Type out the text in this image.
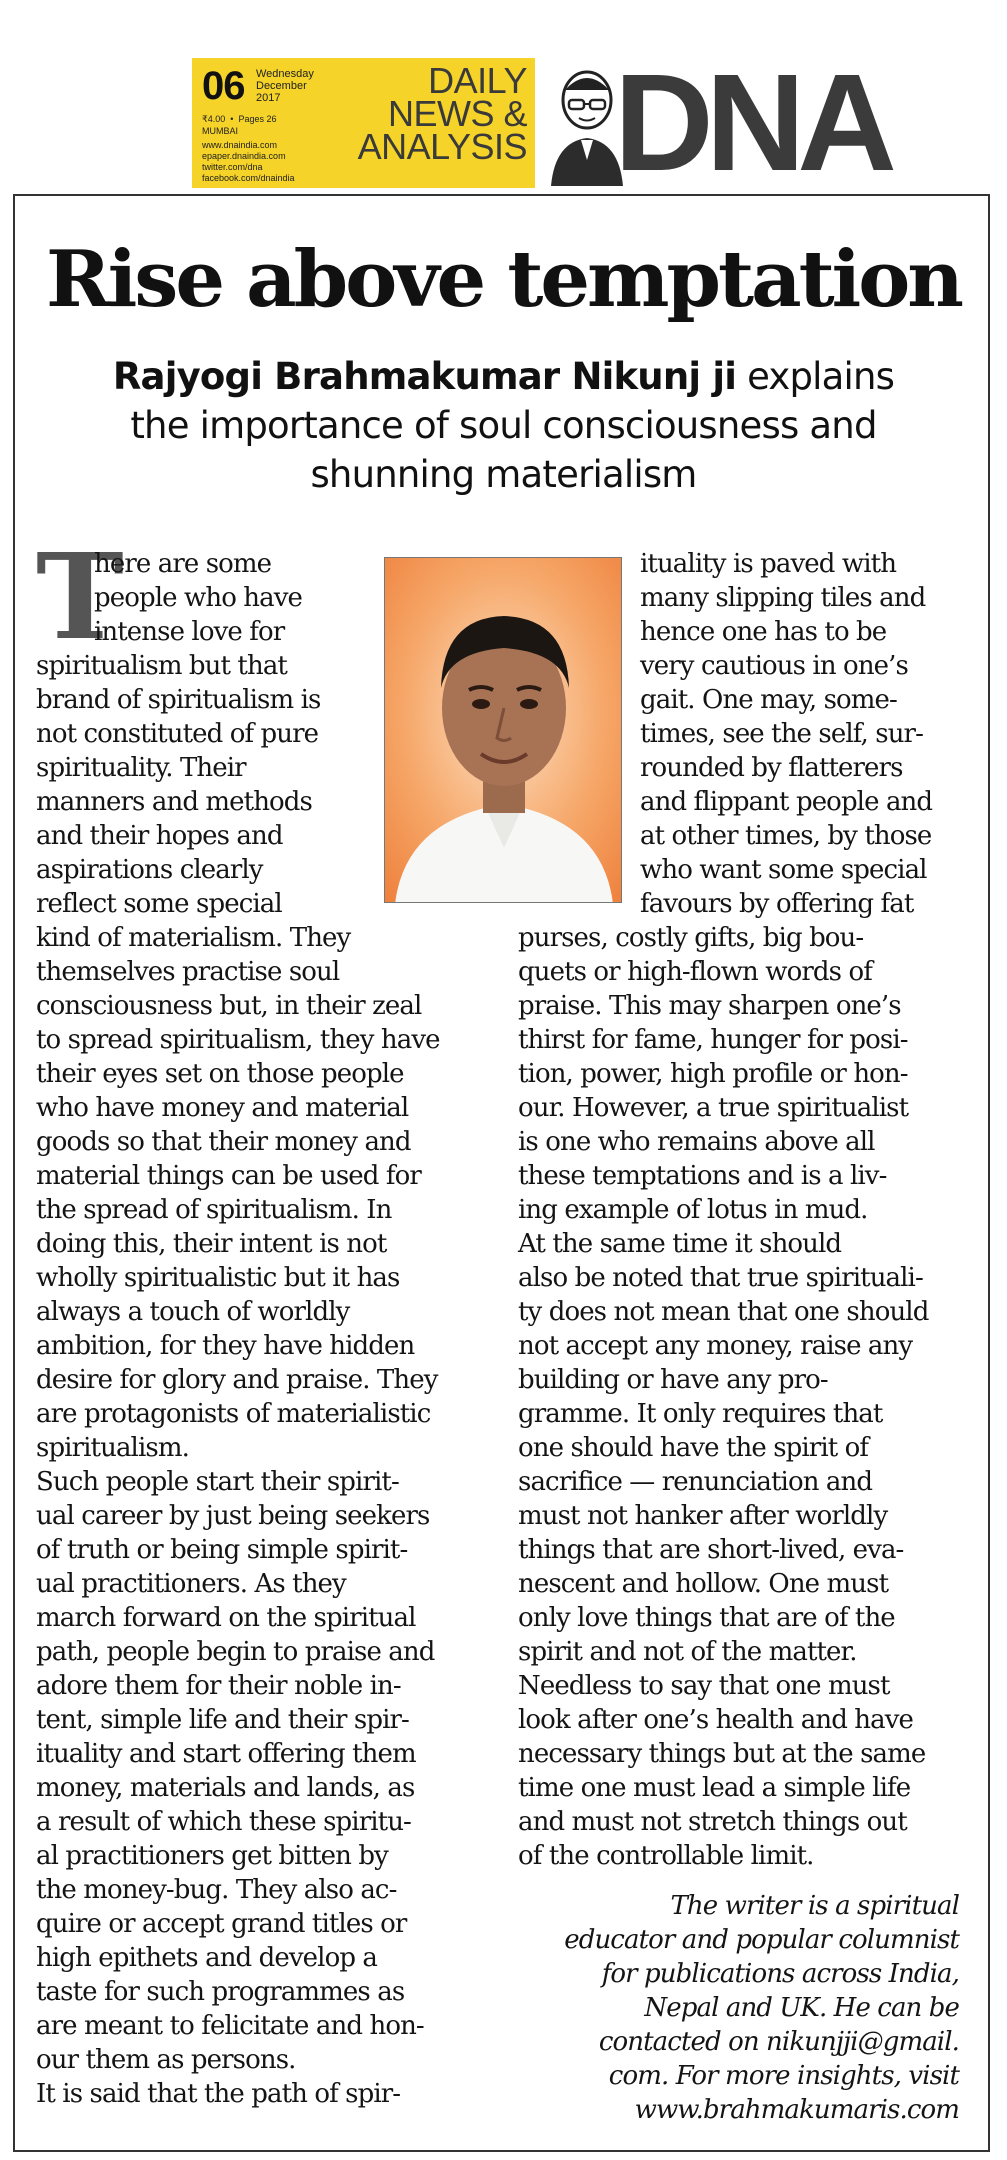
06 Wednesday
December
2017
₹4.00 • Pages 26
MUMBAI
www.dnaindia.com
epaper.dnaindia.com
twitter.com/dna
facebook.com/dnaindia
DAILY
NEWS &
ANALYSIS DNA
Rise above temptation
Rajyogi Brahmakumar Nikunj ji explains
the importance of soul consciousness and
shunning materialism
T

here are some

people who have

intense love for

spiritualism but that

brand of spiritualism is

not constituted of pure

spirituality. Their

manners and methods

and their hopes and

aspirations clearly

reflect some special

kind of materialism. They

themselves practise soul

consciousness but, in their zeal

to spread spiritualism, they have

their eyes set on those people

who have money and material

goods so that their money and

material things can be used for

the spread of spiritualism. In

doing this, their intent is not

wholly spiritualistic but it has

always a touch of worldly

ambition, for they have hidden

desire for glory and praise. They

are protagonists of materialistic

spiritualism.

Such people start their spirit-

ual career by just being seekers

of truth or being simple spirit-

ual practitioners. As they

march forward on the spiritual

path, people begin to praise and

adore them for their noble in-

tent, simple life and their spir-

ituality and start offering them

money, materials and lands, as

a result of which these spiritu-

al practitioners get bitten by

the money-bug. They also ac-

quire or accept grand titles or

high epithets and develop a

taste for such programmes as

are meant to felicitate and hon-

our them as persons.

It is said that the path of spir-

ituality is paved with

many slipping tiles and

hence one has to be

very cautious in one’s

gait. One may, some-

times, see the self, sur-

rounded by flatterers

and flippant people and

at other times, by those

who want some special

favours by offering fat

purses, costly gifts, big bou-

quets or high-flown words of

praise. This may sharpen one’s

thirst for fame, hunger for posi-

tion, power, high profile or hon-

our. However, a true spiritualist

is one who remains above all

these temptations and is a liv-

ing example of lotus in mud.

At the same time it should

also be noted that true spirituali-

ty does not mean that one should

not accept any money, raise any

building or have any pro-

gramme. It only requires that

one should have the spirit of

sacrifice — renunciation and

must not hanker after worldly

things that are short-lived, eva-

nescent and hollow. One must

only love things that are of the

spirit and not of the matter.

Needless to say that one must

look after one’s health and have

necessary things but at the same

time one must lead a simple life

and must not stretch things out

of the controllable limit.

The writer is a spiritual

educator and popular columnist

for publications across India,

Nepal and UK. He can be

contacted on nikunjji@gmail.

com. For more insights, visit

www.brahmakumaris.com
